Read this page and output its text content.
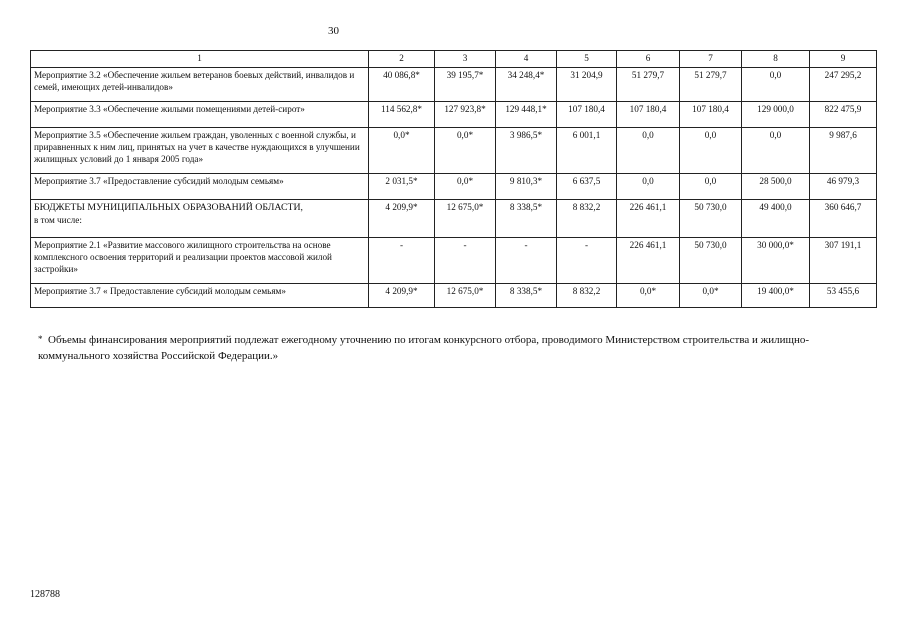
30
1	2	3	4	5	6	7	8	9
Мероприятие 3.2 «Обеспечение жильем ветеранов боевых действий, инвалидов и семей, имеющих детей-инвалидов»	40 086,8*	39 195,7*	34 248,4*	31 204,9	51 279,7	51 279,7	0,0	247 295,2
Мероприятие 3.3 «Обеспечение жилыми помещениями детей-сирот»	114 562,8*	127 923,8*	129 448,1*	107 180,4	107 180,4	107 180,4	129 000,0	822 475,9
Мероприятие 3.5 «Обеспечение жильем граждан, уволенных с военной службы, и приравненных к ним лиц, принятых на учет в качестве нуждающихся в улучшении жилищных условий до 1 января 2005 года»	0,0*	0,0*	3 986,5*	6 001,1	0,0	0,0	0,0	9 987,6
Мероприятие 3.7 «Предоставление субсидий молодым семьям»	2 031,5*	0,0*	9 810,3*	6 637,5	0,0	0,0	28 500,0	46 979,3

БЮДЖЕТЫ МУНИЦИПАЛЬНЫХ ОБРАЗОВАНИЙ ОБЛАСТИ,
в том числе:	4 209,9*	12 675,0*	8 338,5*	8 832,2	226 461,1	50 730,0	49 400,0	360 646,7
Мероприятие 2.1 «Развитие массового жилищного строительства на основе комплексного освоения территорий и реализации проектов массовой жилой застройки»	-	-	-	-	226 461,1	50 730,0	30 000,0*	307 191,1
Мероприятие 3.7 « Предоставление субсидий молодым семьям»	4 209,9*	12 675,0*	8 338,5*	8 832,2	0,0*	0,0*	19 400,0*	53 455,6
* Объемы финансирования мероприятий подлежат ежегодному уточнению по итогам конкурсного отбора, проводимого Министерством строительства и жилищно-коммунального хозяйства Российской Федерации.»
128788
